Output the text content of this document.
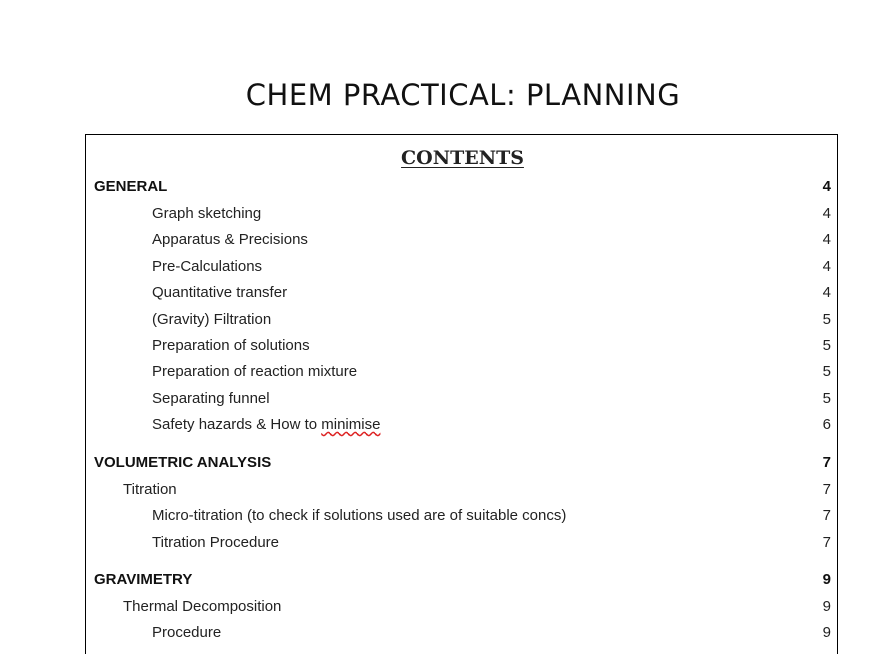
CHEM PRACTICAL: PLANNING
CONTENTS
GENERAL	4
Graph sketching	4
Apparatus & Precisions	4
Pre-Calculations	4
Quantitative transfer	4
(Gravity) Filtration	5
Preparation of solutions	5
Preparation of reaction mixture	5
Separating funnel	5
Safety hazards & How to minimise	6
VOLUMETRIC ANALYSIS	7
Titration	7
Micro-titration (to check if solutions used are of suitable concs)	7
Titration Procedure	7
GRAVIMETRY	9
Thermal Decomposition	9
Procedure	9
